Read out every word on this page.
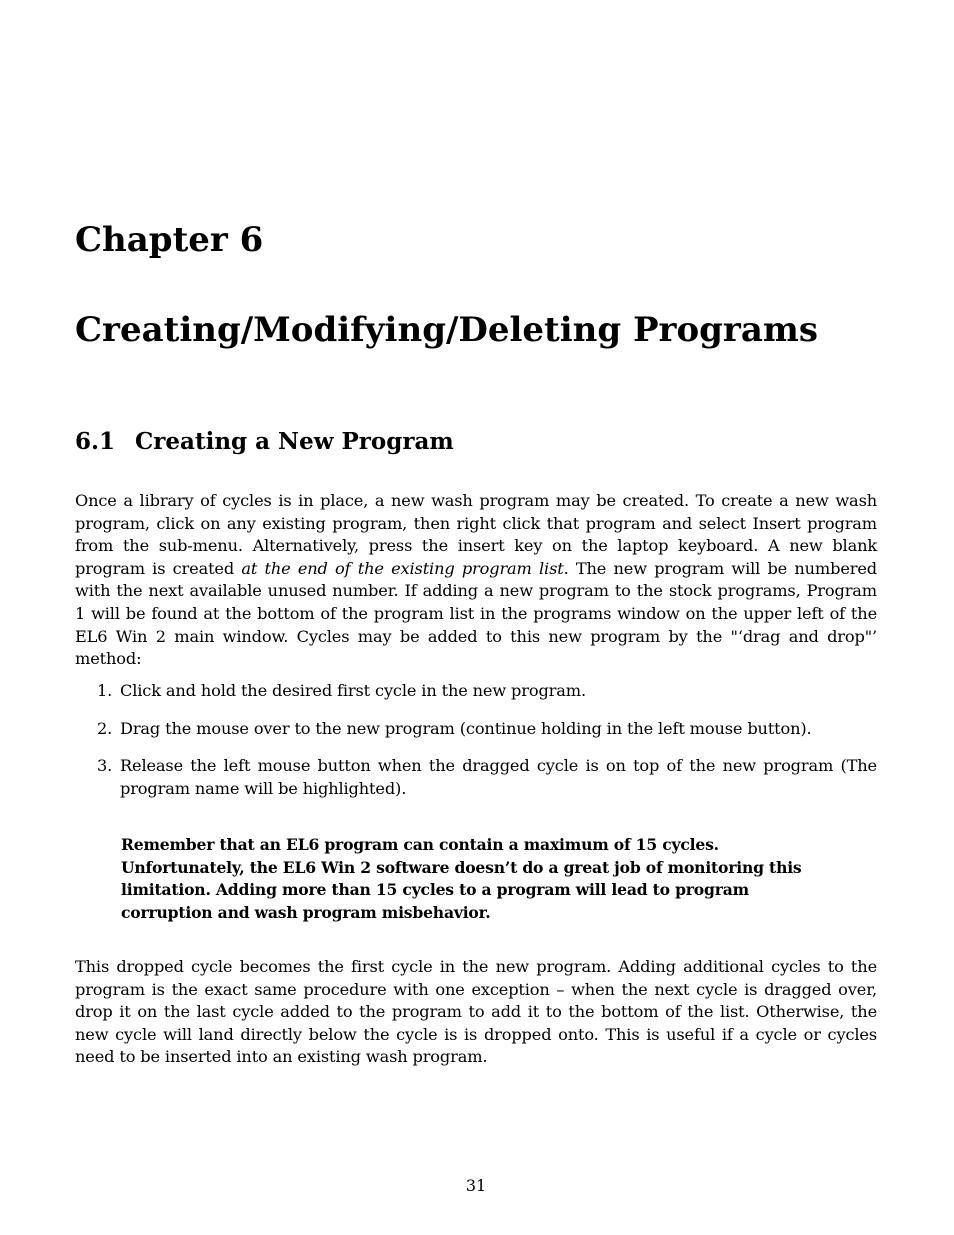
Chapter 6
Creating/Modifying/Deleting Programs
6.1 Creating a New Program

Once a library of cycles is in place, a new wash program may be created. To create a new wash program, click on any existing program, then right click that program and select Insert program from the sub-menu. Alternatively, press the insert key on the laptop keyboard. A new blank program is created at the end of the existing program list. The new program will be numbered with the next available unused number. If adding a new program to the stock programs, Program 1 will be found at the bottom of the program list in the programs window on the upper left of the EL6 Win 2 main window. Cycles may be added to this new program by the "‘drag and drop"’ method:

1. Click and hold the desired first cycle in the new program.
2. Drag the mouse over to the new program (continue holding in the left mouse button).
3. Release the left mouse button when the dragged cycle is on top of the new program (The program name will be highlighted).

Remember that an EL6 program can contain a maximum of 15 cycles. Unfortunately, the EL6 Win 2 software doesn’t do a great job of monitoring this limitation. Adding more than 15 cycles to a program will lead to program corruption and wash program misbehavior.

This dropped cycle becomes the first cycle in the new program. Adding additional cycles to the program is the exact same procedure with one exception – when the next cycle is dragged over, drop it on the last cycle added to the program to add it to the bottom of the list. Otherwise, the new cycle will land directly below the cycle is is dropped onto. This is useful if a cycle or cycles need to be inserted into an existing wash program.

31
